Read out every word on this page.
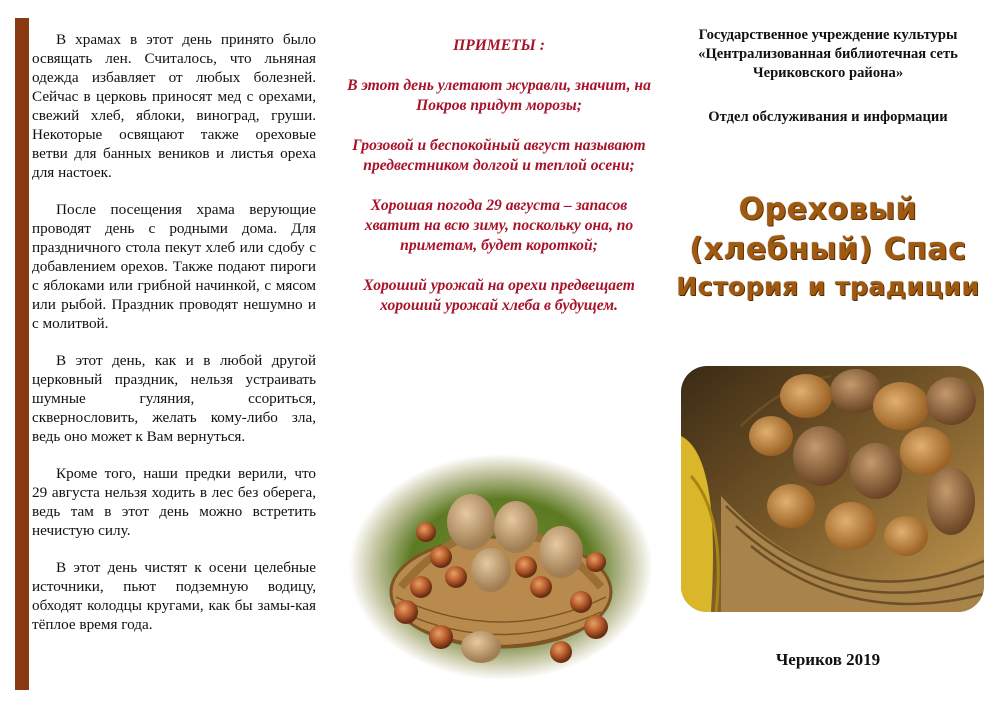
В храмах в этот день принято было освящать лен. Считалось, что льняная одежда избавляет от любых болезней. Сейчас в церковь приносят мед с орехами, свежий хлеб, яблоки, виноград, груши. Некоторые освящают также ореховые ветви для банных веников и листья ореха для настоек.

После посещения храма верующие проводят день с родными дома. Для праздничного стола пекут хлеб или сдобу с добавлением орехов. Также подают пироги с яблоками или грибной начинкой, с мясом или рыбой. Праздник проводят нешумно и с молитвой.

В этот день, как и в любой другой церковный праздник, нельзя устраивать шумные гуляния, ссориться, сквернословить, желать кому-либо зла, ведь оно может к Вам вернуться.

Кроме того, наши предки верили, что 29 августа нельзя ходить в лес без оберега, ведь там в этот день можно встретить нечистую силу.

В этот день чистят к осени целебные источники, пьют подземную водицу, обходят колодцы кругами, как бы замы-кая тёплое время года.

ПРИМЕТЫ :

В этот день улетают журавли, значит, на Покров придут морозы;

Грозовой и беспокойный август называют предвестником долгой и теплой осени;

Хорошая погода 29 августа – запасов хватит на всю зиму, поскольку она, по приметам, будет короткой;

Хороший урожай на орехи предвещает хороший урожай хлеба в будущем.

Государственное учреждение культуры

«Централизованная библиотечная сеть

Чериковского района»

Отдел обслуживания и информации

Ореховый
(хлебный) Спас
История и традиции
Чериков 2019
